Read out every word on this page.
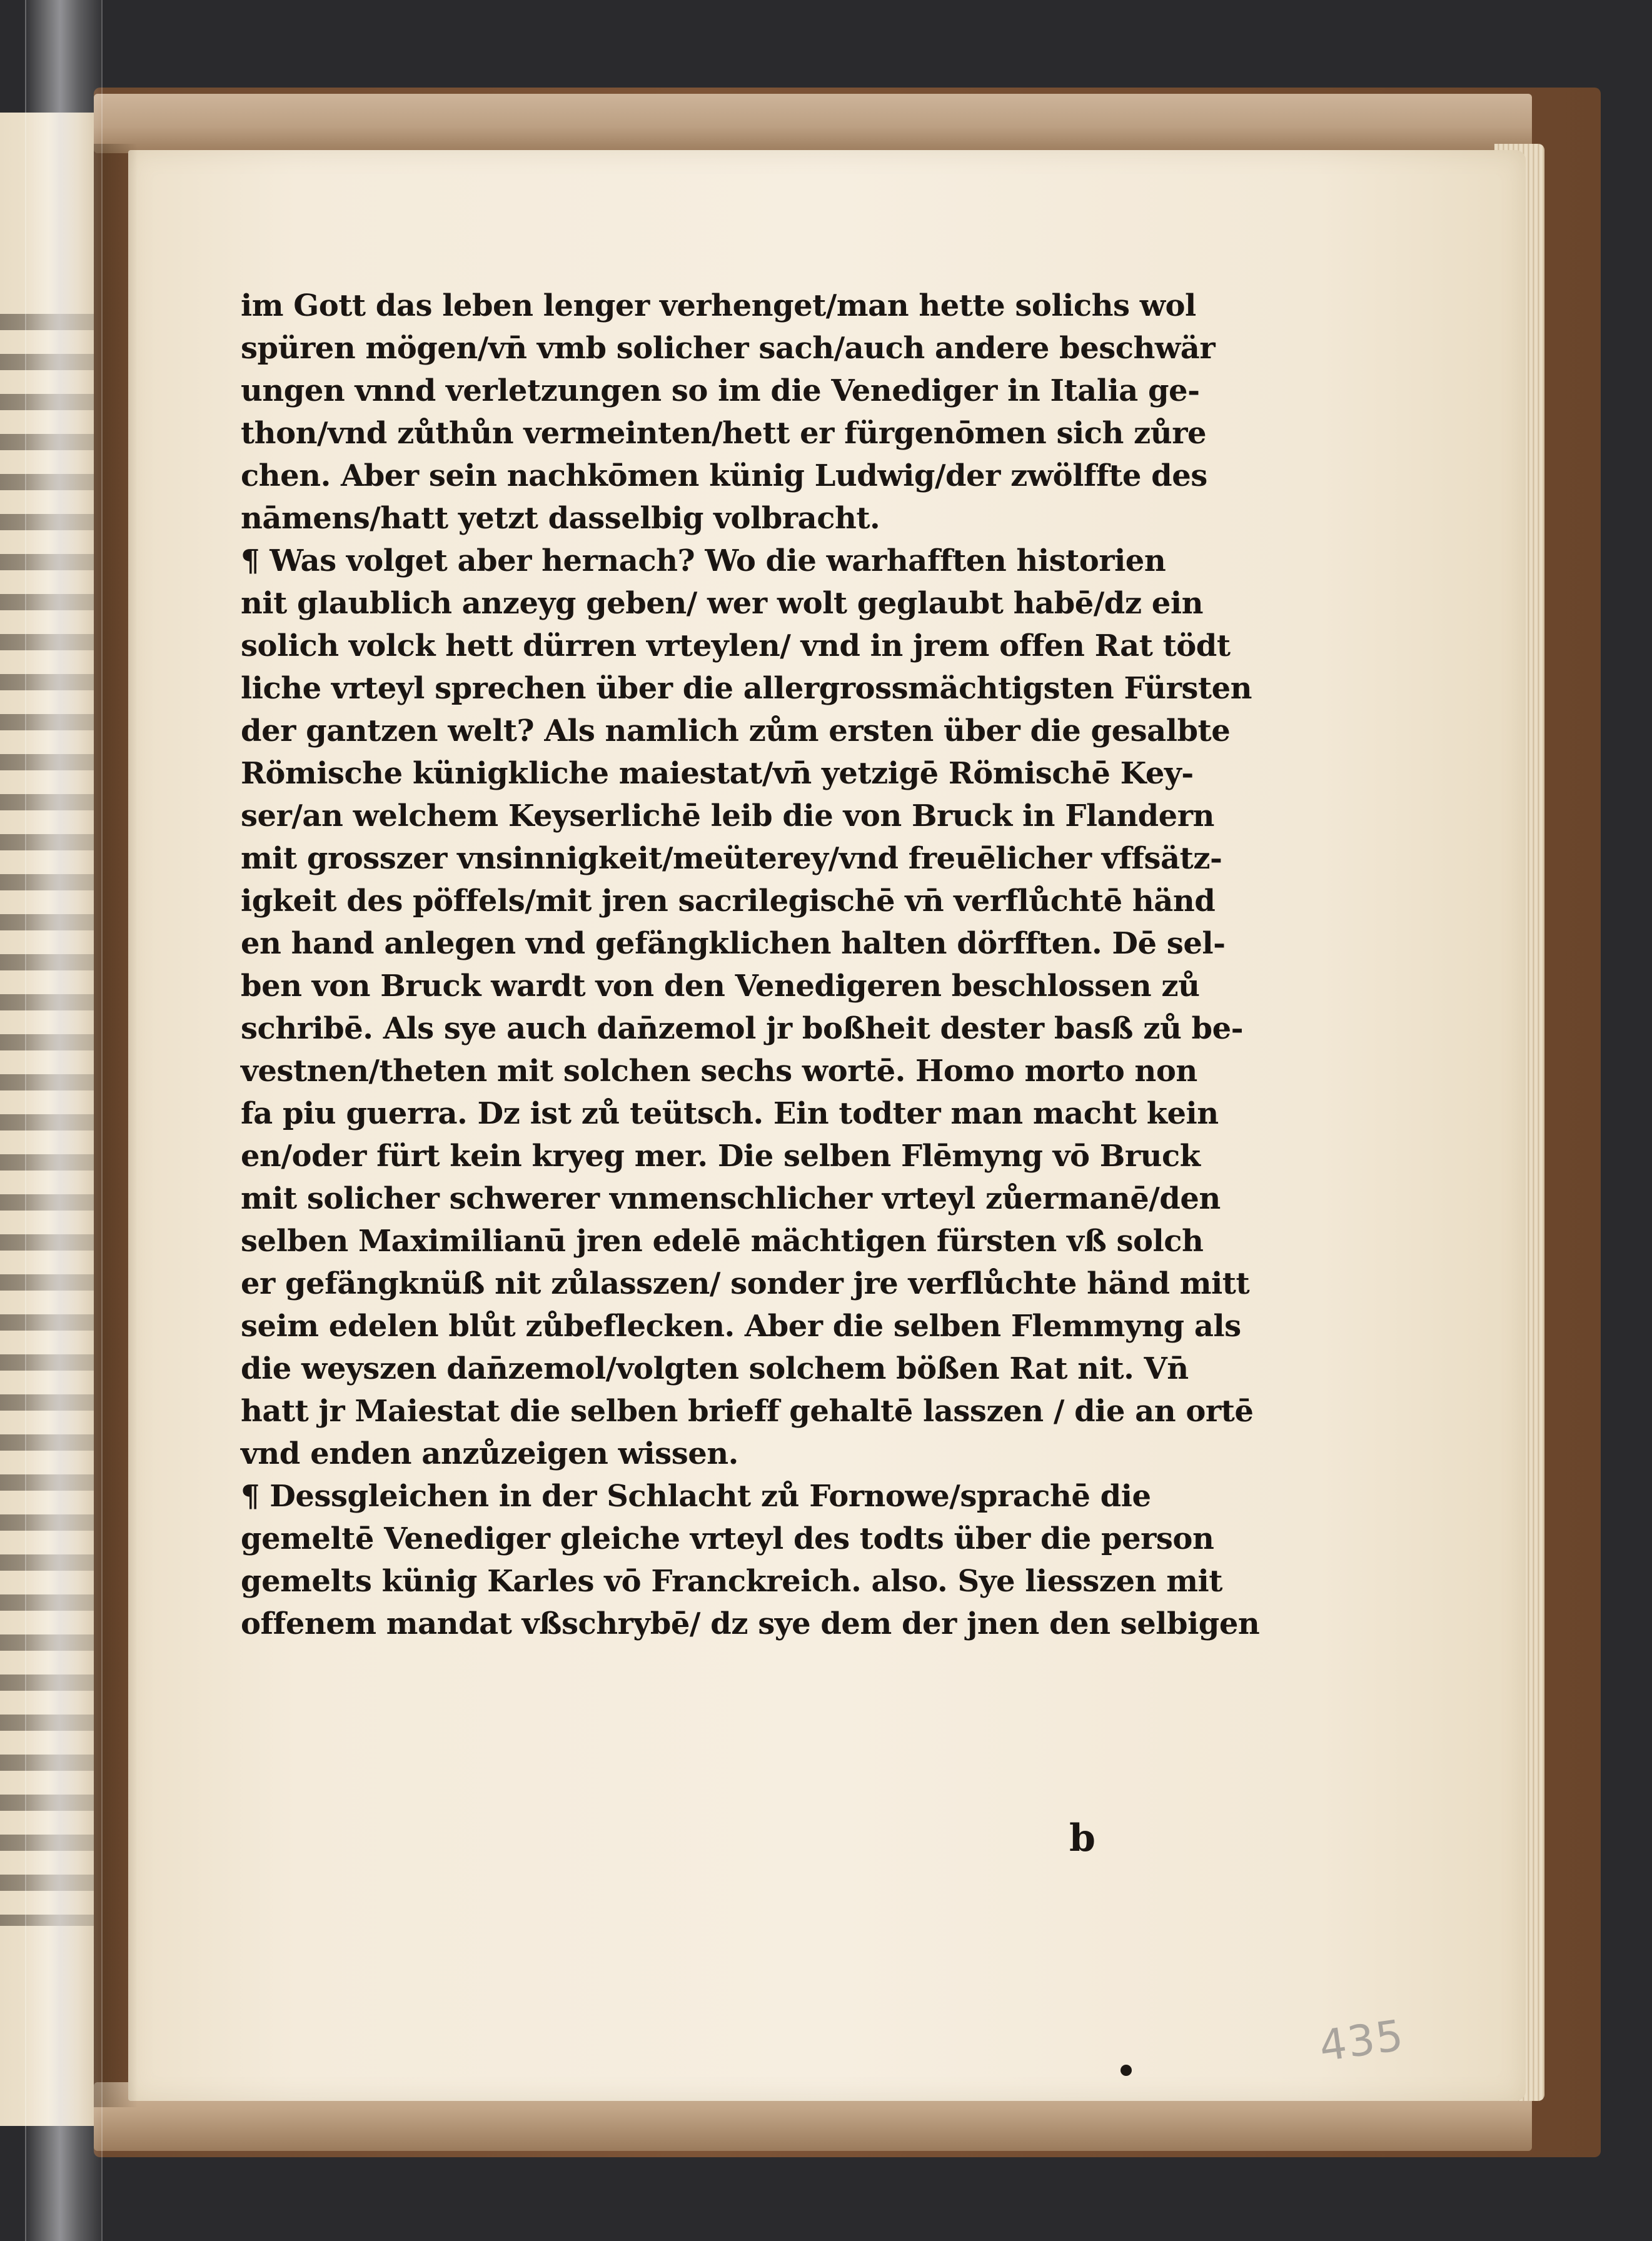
im Gott das leben lenger verhenget/man hette solichs wol
spüren mögen/vn̄ vmb solicher sach/auch andere beschwär
ungen vnnd verletzungen so im die Venediger in Italia ge-
thon/vnd zůthůn vermeinten/hett er fürgenōmen sich zůre
chen. Aber sein nachkōmen künig Ludwig/der zwölffte des
nāmens/hatt yetzt dasselbig volbracht.
¶ Was volget aber hernach? Wo die warhafften historien
nit glaublich anzeyg geben/ wer wolt geglaubt habē/dz ein
solich volck hett dürren vrteylen/ vnd in jrem offen Rat tödt
liche vrteyl sprechen über die allergrossmächtigsten Fürsten
der gantzen welt? Als namlich zům ersten über die gesalbte
Römische künigkliche maiestat/vn̄ yetzigē Römischē Key-
ser/an welchem Keyserlichē leib die von Bruck in Flandern
mit grosszer vnsinnigkeit/meüterey/vnd freuēlicher vffsätz-
igkeit des pöffels/mit jren sacrilegischē vn̄ verflůchtē händ
en hand anlegen vnd gefängklichen halten dörfften. Dē sel-
ben von Bruck wardt von den Venedigeren beschlossen zů
schribē. Als sye auch dan̄zemol jr boßheit dester basß zů be-
vestnen/theten mit solchen sechs wortē. Homo morto non
fa piu guerra. Dz ist zů teütsch. Ein todter man macht kein
en/oder fürt kein kryeg mer. Die selben Flēmyng vō Bruck
mit solicher schwerer vnmenschlicher vrteyl zůermanē/den
selben Maximilianū jren edelē mächtigen fürsten vß solch
er gefängknüß nit zůlasszen/ sonder jre verflůchte händ mitt
seim edelen blůt zůbeflecken. Aber die selben Flemmyng als
die weyszen dan̄zemol/volgten solchem bößen Rat nit. Vn̄
hatt jr Maiestat die selben brieff gehaltē lasszen / die an ortē
vnd enden anzůzeigen wissen.
¶ Dessgleichen in der Schlacht zů Fornowe/sprachē die
gemeltē Venediger gleiche vrteyl des todts über die person
gemelts künig Karles vō Franckreich. also. Sye liesszen mit
offenem mandat vßschrybē/ dz sye dem der jnen den selbigen
b
435
